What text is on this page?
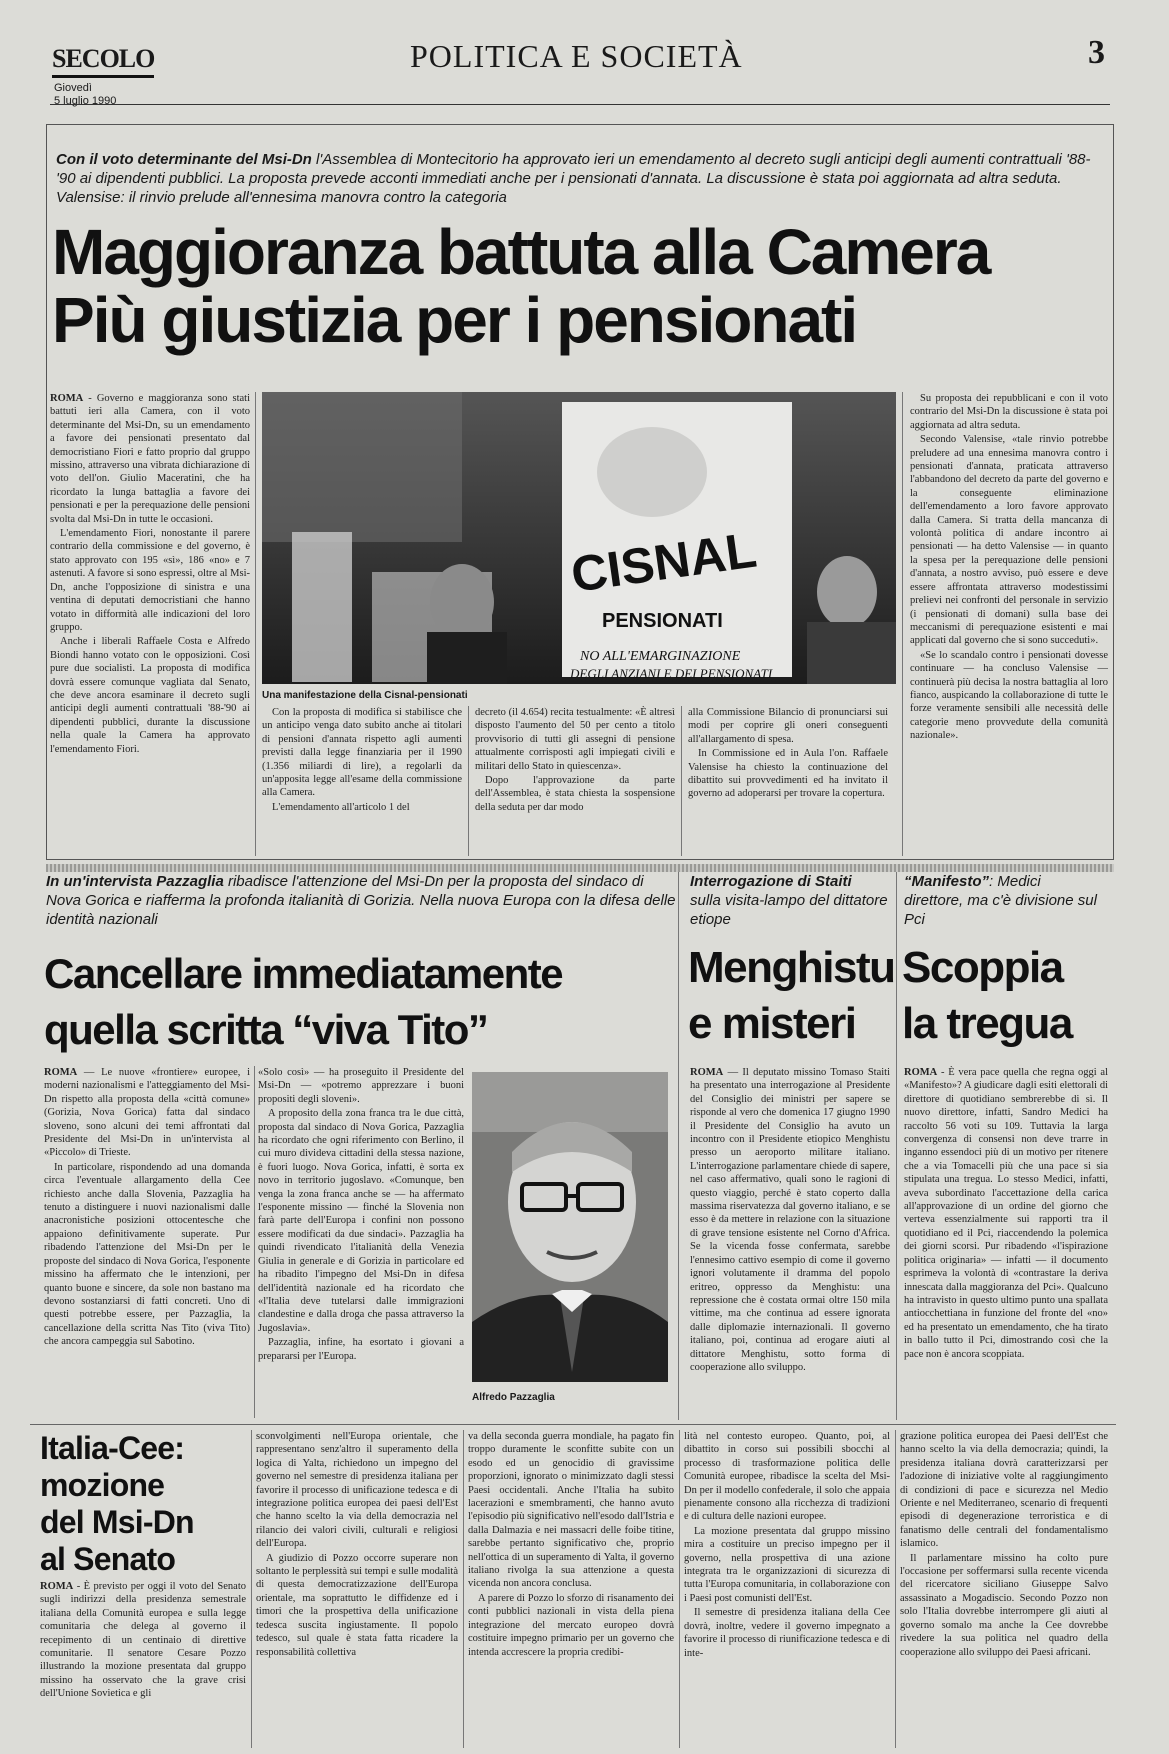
SECOLO
Giovedì
5 luglio 1990
POLITICA E SOCIETÀ	3
Con il voto determinante del Msi-Dn l'Assemblea di Montecitorio ha approvato ieri un emendamento al decreto sugli anticipi degli aumenti contrattuali '88-'90 ai dipendenti pubblici. La proposta prevede acconti immediati anche per i pensionati d'annata. La discussione è stata poi aggiornata ad altra seduta. Valensise: il rinvio prelude all'ennesima manovra contro la categoria
Maggioranza battuta alla Camera
Più giustizia per i pensionati
CISNAL
PENSIONATI
NO ALL'EMARGINAZIONE
DEGLI ANZIANI E DEI PENSIONATI
Una manifestazione della Cisnal-pensionati

ROMA - Governo e maggioranza sono stati battuti ieri alla Camera, con il voto determinante del Msi-Dn, su un emendamento a favore dei pensionati presentato dal democristiano Fiori e fatto proprio dal gruppo missino, attraverso una vibrata dichiarazione di voto dell'on. Giulio Maceratini, che ha ricordato la lunga battaglia a favore dei pensionati e per la perequazione delle pensioni svolta dal Msi-Dn in tutte le occasioni.

L'emendamento Fiori, nonostante il parere contrario della commissione e del governo, è stato approvato con 195 «sì», 186 «no» e 7 astenuti. A favore si sono espressi, oltre al Msi-Dn, anche l'opposizione di sinistra e una ventina di deputati democristiani che hanno votato in difformità alle indicazioni del loro gruppo.

Anche i liberali Raffaele Costa e Alfredo Biondi hanno votato con le opposizioni. Così pure due socialisti. La proposta di modifica dovrà essere comunque vagliata dal Senato, che deve ancora esaminare il decreto sugli anticipi degli aumenti contrattuali '88-'90 ai dipendenti pubblici, durante la discussione nella quale la Camera ha approvato l'emendamento Fiori.

Con la proposta di modifica si stabilisce che un anticipo venga dato subito anche ai titolari di pensioni d'annata rispetto agli aumenti previsti dalla legge finanziaria per il 1990 (1.356 miliardi di lire), a regolarli da un'apposita legge all'esame della commissione alla Camera.

L'emendamento all'articolo 1 del

decreto (il 4.654) recita testualmente: «È altresì disposto l'aumento del 50 per cento a titolo provvisorio di tutti gli assegni di pensione attualmente corrisposti agli impiegati civili e militari dello Stato in quiescenza».

Dopo l'approvazione da parte dell'Assemblea, è stata chiesta la sospensione della seduta per dar modo

alla Commissione Bilancio di pronunciarsi sui modi per coprire gli oneri conseguenti all'allargamento di spesa.

In Commissione ed in Aula l'on. Raffaele Valensise ha chiesto la continuazione del dibattito sui provvedimenti ed ha invitato il governo ad adoperarsi per trovare la copertura.

Su proposta dei repubblicani e con il voto contrario del Msi-Dn la discussione è stata poi aggiornata ad altra seduta.

Secondo Valensise, «tale rinvio potrebbe preludere ad una ennesima manovra contro i pensionati d'annata, praticata attraverso l'abbandono del decreto da parte del governo e la conseguente eliminazione dell'emendamento a loro favore approvato dalla Camera. Si tratta della mancanza di volontà politica di andare incontro ai pensionati — ha detto Valensise — in quanto la spesa per la perequazione delle pensioni d'annata, a nostro avviso, può essere e deve essere affrontata attraverso modestissimi prelievi nei confronti del personale in servizio (i pensionati di domani) sulla base dei meccanismi di perequazione esistenti e mai applicati dal governo che si sono succeduti».

«Se lo scandalo contro i pensionati dovesse continuare — ha concluso Valensise — continuerà più decisa la nostra battaglia al loro fianco, auspicando la collaborazione di tutte le forze veramente sensibili alle necessità delle categorie meno provvedute della comunità nazionale».

In un'intervista Pazzaglia ribadisce l'attenzione del Msi-Dn per la proposta del sindaco di Nova Gorica e riafferma la profonda italianità di Gorizia. Nella nuova Europa con la difesa delle identità nazionali
Cancellare immediatamente
quella scritta “viva Tito”

ROMA — Le nuove «frontiere» europee, i moderni nazionalismi e l'atteggiamento del Msi-Dn rispetto alla proposta della «città comune» (Gorizia, Nova Gorica) fatta dal sindaco sloveno, sono alcuni dei temi affrontati dal Presidente del Msi-Dn in un'intervista al «Piccolo» di Trieste.

In particolare, rispondendo ad una domanda circa l'eventuale allargamento della Cee richiesto anche dalla Slovenia, Pazzaglia ha tenuto a distinguere i nuovi nazionalismi dalle anacronistiche posizioni ottocentesche che appaiono definitivamente superate. Pur ribadendo l'attenzione del Msi-Dn per le proposte del sindaco di Nova Gorica, l'esponente missino ha affermato che le intenzioni, per quanto buone e sincere, da sole non bastano ma devono sostanziarsi di fatti concreti. Uno di questi potrebbe essere, per Pazzaglia, la cancellazione della scritta Nas Tito (viva Tito) che ancora campeggia sul Sabotino.

«Solo così» — ha proseguito il Presidente del Msi-Dn — «potremo apprezzare i buoni propositi degli sloveni».

A proposito della zona franca tra le due città, proposta dal sindaco di Nova Gorica, Pazzaglia ha ricordato che ogni riferimento con Berlino, il cui muro divideva cittadini della stessa nazione, è fuori luogo. Nova Gorica, infatti, è sorta ex novo in territorio jugoslavo. «Comunque, ben venga la zona franca anche se — ha affermato l'esponente missino — finché la Slovenia non farà parte dell'Europa i confini non possono essere modificati da due sindaci». Pazzaglia ha quindi rivendicato l'italianità della Venezia Giulia in generale e di Gorizia in particolare ed ha ribadito l'impegno del Msi-Dn in difesa dell'identità nazionale ed ha ricordato che «l'Italia deve tutelarsi dalle immigrazioni clandestine e dalla droga che passa attraverso la Jugoslavia».

Pazzaglia, infine, ha esortato i giovani a prepararsi per l'Europa.

Alfredo Pazzaglia
Interrogazione di Staiti
sulla visita-lampo del dittatore etiope
Menghistu
e misteri

ROMA — Il deputato missino Tomaso Staiti ha presentato una interrogazione al Presidente del Consiglio dei ministri per sapere se risponde al vero che domenica 17 giugno 1990 il Presidente del Consiglio ha avuto un incontro con il Presidente etiopico Menghistu presso un aeroporto militare italiano. L'interrogazione parlamentare chiede di sapere, nel caso affermativo, quali sono le ragioni di questo viaggio, perché è stato coperto dalla massima riservatezza dal governo italiano, e se esso è da mettere in relazione con la situazione di grave tensione esistente nel Corno d'Africa. Se la vicenda fosse confermata, sarebbe l'ennesimo cattivo esempio di come il governo ignori volutamente il dramma del popolo eritreo, oppresso da Menghistu: una repressione che è costata ormai oltre 150 mila vittime, ma che continua ad essere ignorata dalle diplomazie internazionali. Il governo italiano, poi, continua ad erogare aiuti al dittatore Menghistu, sotto forma di cooperazione allo sviluppo.

“Manifesto”: Medici direttore, ma c'è divisione sul Pci
Scoppia
la tregua

ROMA - È vera pace quella che regna oggi al «Manifesto»? A giudicare dagli esiti elettorali di direttore di quotidiano sembrerebbe di sì. Il nuovo direttore, infatti, Sandro Medici ha raccolto 56 voti su 109. Tuttavia la larga convergenza di consensi non deve trarre in inganno essendoci più di un motivo per ritenere che a via Tomacelli più che una pace si sia stipulata una tregua. Lo stesso Medici, infatti, aveva subordinato l'accettazione della carica all'approvazione di un ordine del giorno che verteva essenzialmente sui rapporti tra il quotidiano ed il Pci, riaccendendo la polemica dei giorni scorsi. Pur ribadendo «l'ispirazione politica originaria» — infatti — il documento esprimeva la volontà di «contrastare la deriva innescata dalla maggioranza del Pci». Qualcuno ha intravisto in questo ultimo punto una spallata antiocchettiana in funzione del fronte del «no» ed ha presentato un emendamento, che ha tirato in ballo tutto il Pci, dimostrando così che la pace non è ancora scoppiata.

Italia-Cee:
mozione
del Msi-Dn
al Senato

ROMA - È previsto per oggi il voto del Senato sugli indirizzi della presidenza semestrale italiana della Comunità europea e sulla legge comunitaria che delega al governo il recepimento di un centinaio di direttive comunitarie. Il senatore Cesare Pozzo illustrando la mozione presentata dal gruppo missino ha osservato che la grave crisi dell'Unione Sovietica e gli

sconvolgimenti nell'Europa orientale, che rappresentano senz'altro il superamento della logica di Yalta, richiedono un impegno del governo nel semestre di presidenza italiana per favorire il processo di unificazione tedesca e di integrazione politica europea dei paesi dell'Est che hanno scelto la via della democrazia nel rilancio dei valori civili, culturali e religiosi dell'Europa.

A giudizio di Pozzo occorre superare non soltanto le perplessità sui tempi e sulle modalità di questa democratizzazione dell'Europa orientale, ma soprattutto le diffidenze ed i timori che la prospettiva della unificazione tedesca suscita ingiustamente. Il popolo tedesco, sul quale è stata fatta ricadere la responsabilità collettiva

va della seconda guerra mondiale, ha pagato fin troppo duramente le sconfitte subite con un esodo ed un genocidio di gravissime proporzioni, ignorato o minimizzato dagli stessi Paesi occidentali. Anche l'Italia ha subìto lacerazioni e smembramenti, che hanno avuto l'episodio più significativo nell'esodo dall'Istria e dalla Dalmazia e nei massacri delle foibe titine, sarebbe pertanto significativo che, proprio nell'ottica di un superamento di Yalta, il governo italiano rivolga la sua attenzione a questa vicenda non ancora conclusa.

A parere di Pozzo lo sforzo di risanamento dei conti pubblici nazionali in vista della piena integrazione del mercato europeo dovrà costituire impegno primario per un governo che intenda accrescere la propria credibi-

lità nel contesto europeo. Quanto, poi, al dibattito in corso sui possibili sbocchi al processo di trasformazione politica delle Comunità europee, ribadisce la scelta del Msi-Dn per il modello confederale, il solo che appaia pienamente consono alla ricchezza di tradizioni e di cultura delle nazioni europee.

La mozione presentata dal gruppo missino mira a costituire un preciso impegno per il governo, nella prospettiva di una azione integrata tra le organizzazioni di sicurezza di tutta l'Europa comunitaria, in collaborazione con i Paesi post comunisti dell'Est.

Il semestre di presidenza italiana della Cee dovrà, inoltre, vedere il governo impegnato a favorire il processo di riunificazione tedesca e di inte-

grazione politica europea dei Paesi dell'Est che hanno scelto la via della democrazia; quindi, la presidenza italiana dovrà caratterizzarsi per l'adozione di iniziative volte al raggiungimento di condizioni di pace e sicurezza nel Medio Oriente e nel Mediterraneo, scenario di frequenti episodi di degenerazione terroristica e di fanatismo delle centrali del fondamentalismo islamico.

Il parlamentare missino ha colto pure l'occasione per soffermarsi sulla recente vicenda del ricercatore siciliano Giuseppe Salvo assassinato a Mogadiscio. Secondo Pozzo non solo l'Italia dovrebbe interrompere gli aiuti al governo somalo ma anche la Cee dovrebbe rivedere la sua politica nel quadro della cooperazione allo sviluppo dei Paesi africani.
